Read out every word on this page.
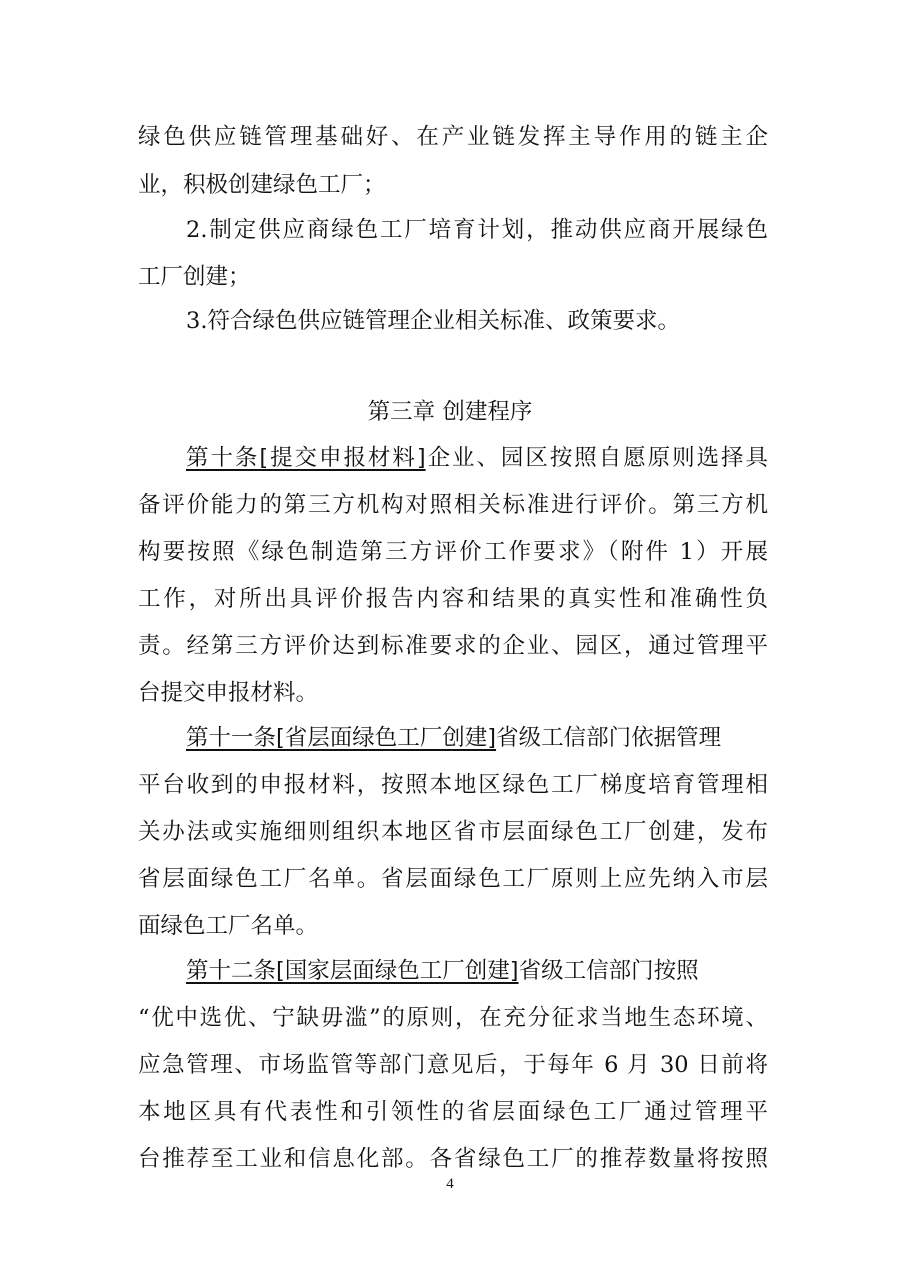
绿色供应链管理基础好、在产业链发挥主导作用的链主企
业，积极创建绿色工厂；
2.制定供应商绿色工厂培育计划，推动供应商开展绿色
工厂创建；
3.符合绿色供应链管理企业相关标准、政策要求。
第三章 创建程序
第十条[提交申报材料]企业、园区按照自愿原则选择具
备评价能力的第三方机构对照相关标准进行评价。第三方机
构要按照《绿色制造第三方评价工作要求》（附件 1）开展
工作，对所出具评价报告内容和结果的真实性和准确性负
责。经第三方评价达到标准要求的企业、园区，通过管理平
台提交申报材料。
第十一条[省层面绿色工厂创建]省级工信部门依据管理
平台收到的申报材料，按照本地区绿色工厂梯度培育管理相
关办法或实施细则组织本地区省市层面绿色工厂创建，发布
省层面绿色工厂名单。省层面绿色工厂原则上应先纳入市层
面绿色工厂名单。
第十二条[国家层面绿色工厂创建]省级工信部门按照
“优中选优、宁缺毋滥”的原则，在充分征求当地生态环境、
应急管理、市场监管等部门意见后，于每年 6 月 30 日前将
本地区具有代表性和引领性的省层面绿色工厂通过管理平
台推荐至工业和信息化部。各省绿色工厂的推荐数量将按照
4
